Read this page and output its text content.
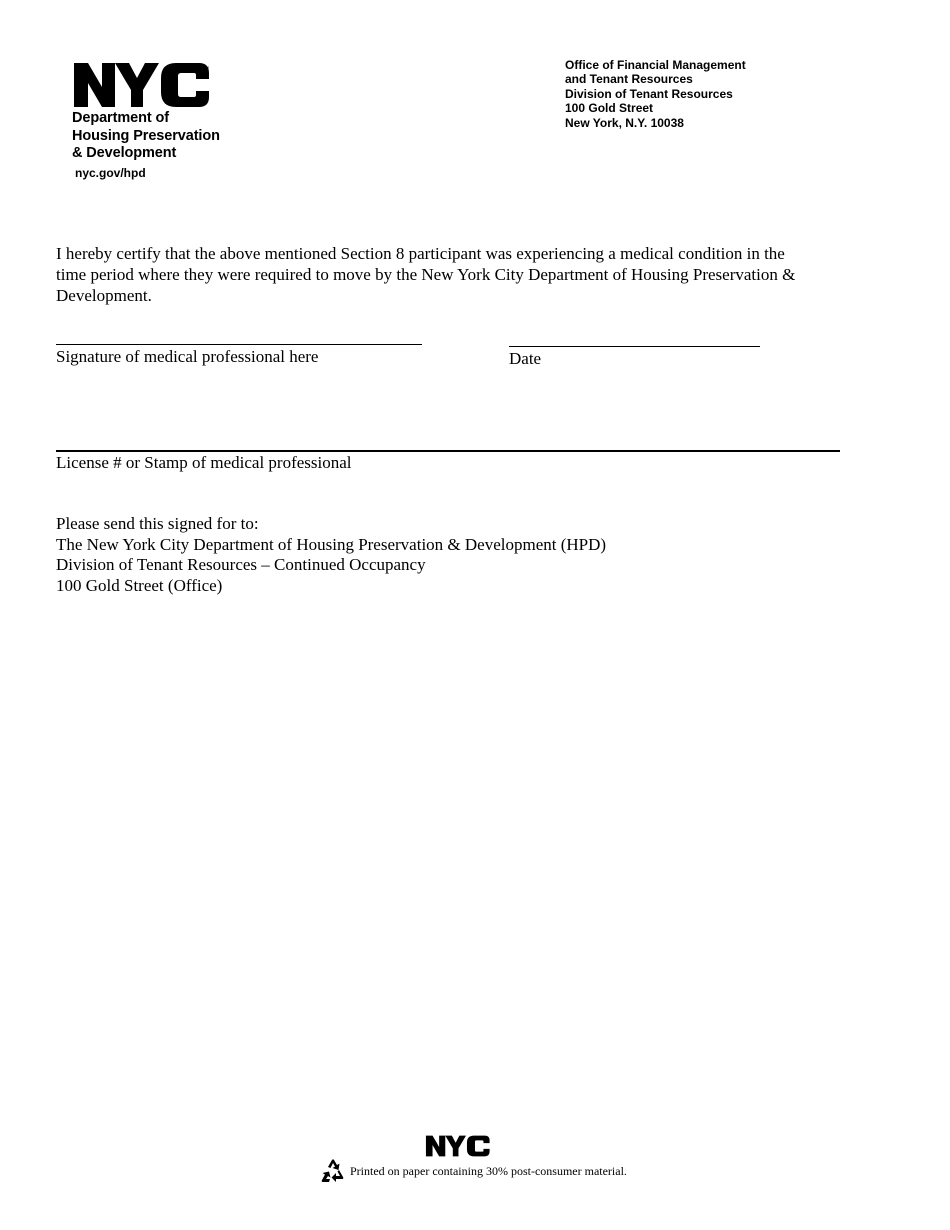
TM
Department of
Housing Preservation
& Development
nyc.gov/hpd
Office of Financial Management
and Tenant Resources
Division of Tenant Resources
100 Gold Street
New York, N.Y. 10038
I hereby certify that the above mentioned Section 8 participant was experiencing a medical condition in the time period where they were required to move by the New York City Department of Housing Preservation & Development.
Signature of medical professional here	Date
License # or Stamp of medical professional
Please send this signed for to:
The New York City Department of Housing Preservation & Development (HPD)
Division of Tenant Resources – Continued Occupancy
100 Gold Street (Office)
Printed on paper containing 30% post-consumer material.
